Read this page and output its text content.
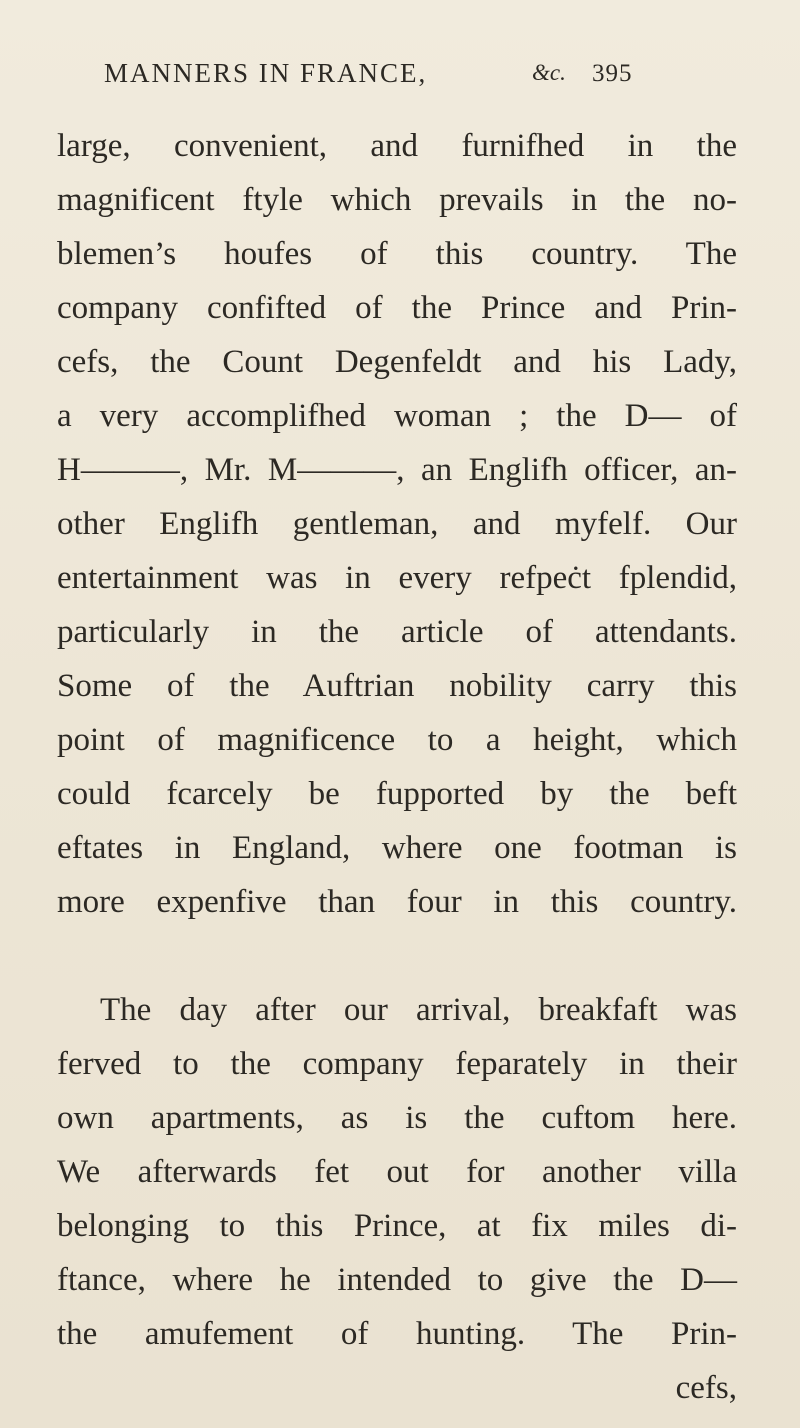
MANNERS IN FRANCE,	&c. 395
large, convenient, and furnifhed in the
magnificent ftyle which prevails in the no-
blemen’s houfes of this country. The
company confifted of the Prince and Prin-
cefs, the Count Degenfeldt and his Lady,
a very accomplifhed woman ; the D— of
H———, Mr. M———, an Englifh officer, an-
other Englifh gentleman, and myfelf. Our
entertainment was in every refpeċt fplendid,
particularly in the article of attendants.
Some of the Auftrian nobility carry this
point of magnificence to a height, which
could fcarcely be fupported by the beft
eftates in England, where one footman is
more expenfive than four in this country.
The day after our arrival, breakfaft was
ferved to the company feparately in their
own apartments, as is the cuftom here.
We afterwards fet out for another villa
belonging to this Prince, at fix miles di-
ftance, where he intended to give the D—
the amufement of hunting. The Prin-
cefs,
